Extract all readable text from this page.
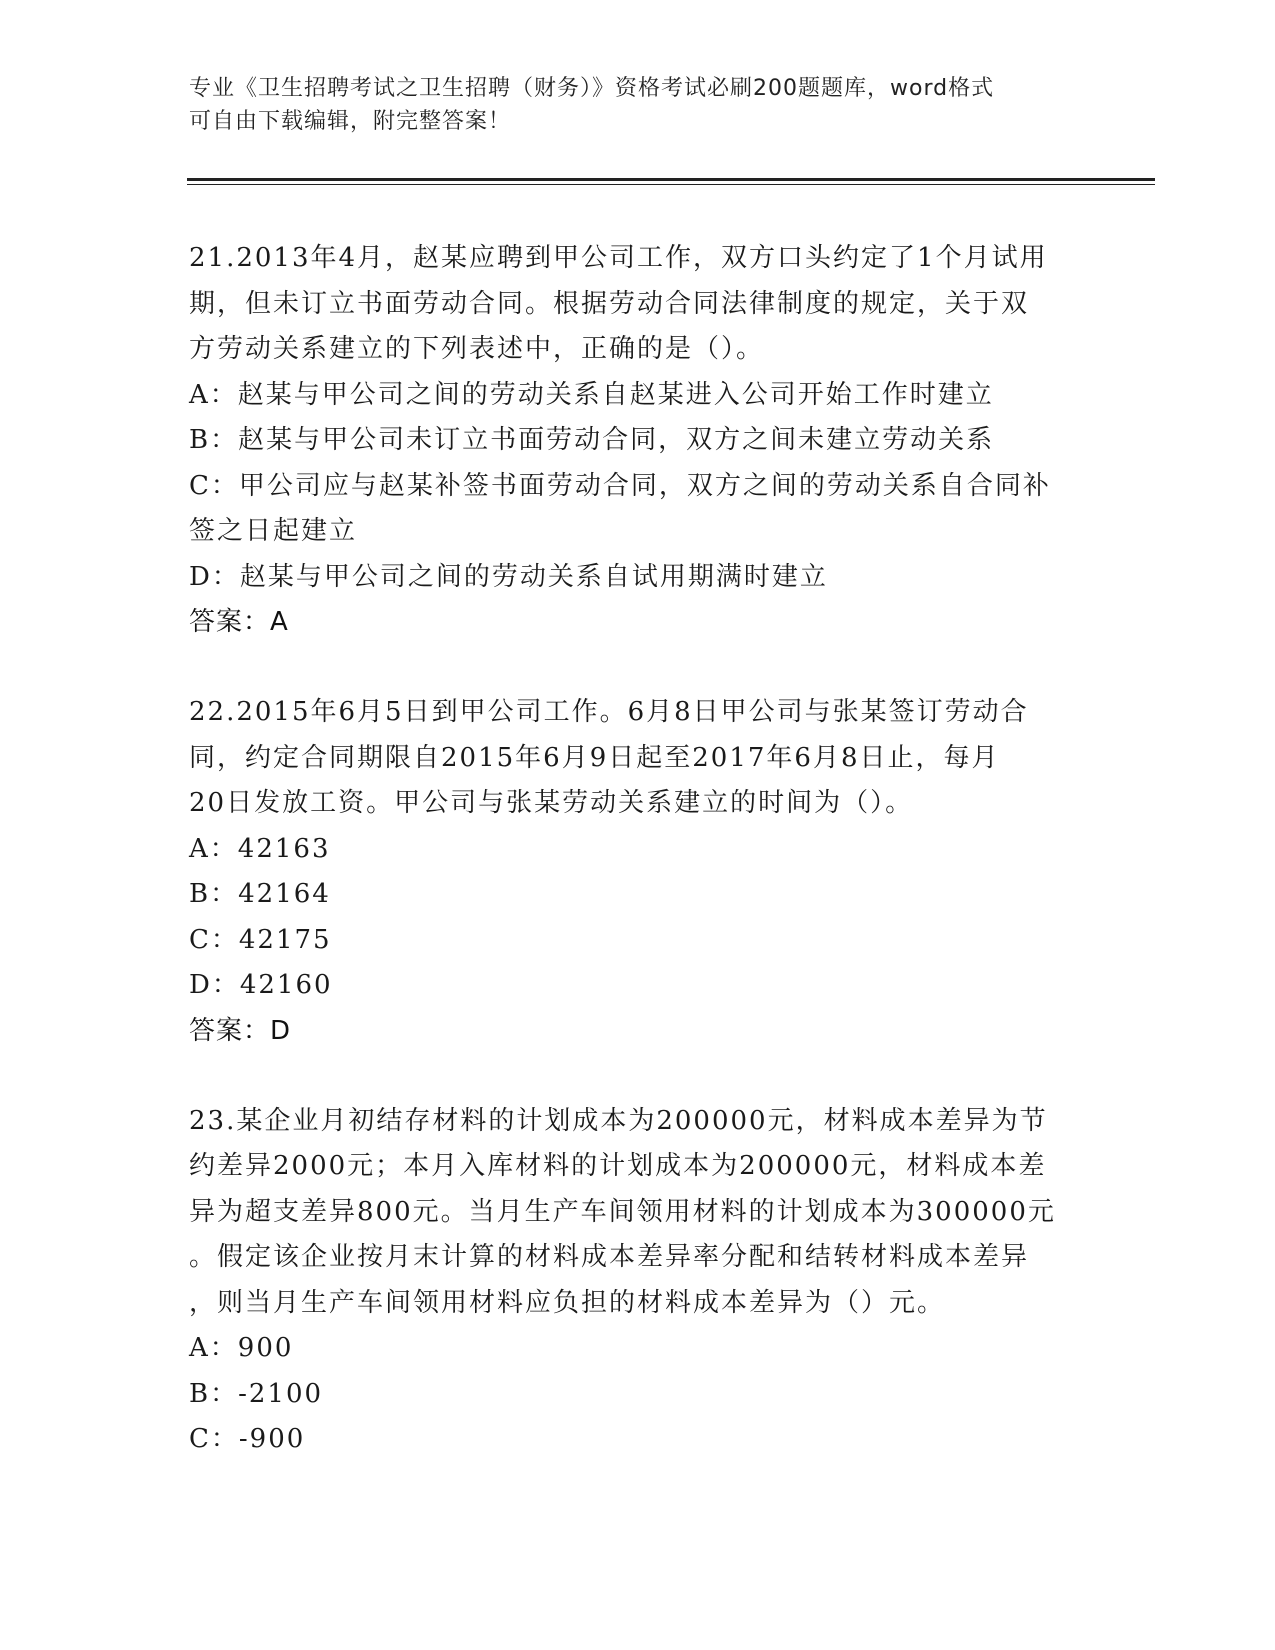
专业《卫生招聘考试之卫生招聘（财务）》资格考试必刷200题题库，word格式
可自由下载编辑，附完整答案！
21.2013年4月，赵某应聘到甲公司工作，双方口头约定了1个月试用
期，但未订立书面劳动合同。根据劳动合同法律制度的规定，关于双
方劳动关系建立的下列表述中，正确的是（）。
A：赵某与甲公司之间的劳动关系自赵某进入公司开始工作时建立
B：赵某与甲公司未订立书面劳动合同，双方之间未建立劳动关系
C：甲公司应与赵某补签书面劳动合同，双方之间的劳动关系自合同补
签之日起建立
D：赵某与甲公司之间的劳动关系自试用期满时建立
答案：A
22.2015年6月5日到甲公司工作。6月8日甲公司与张某签订劳动合
同，约定合同期限自2015年6月9日起至2017年6月8日止，每月
20日发放工资。甲公司与张某劳动关系建立的时间为（）。
A：42163
B：42164
C：42175
D：42160
答案：D
23.某企业月初结存材料的计划成本为200000元，材料成本差异为节
约差异2000元；本月入库材料的计划成本为200000元，材料成本差
异为超支差异800元。当月生产车间领用材料的计划成本为300000元
。假定该企业按月末计算的材料成本差异率分配和结转材料成本差异
，则当月生产车间领用材料应负担的材料成本差异为（）元。
A：900
B：-2100
C：-900
